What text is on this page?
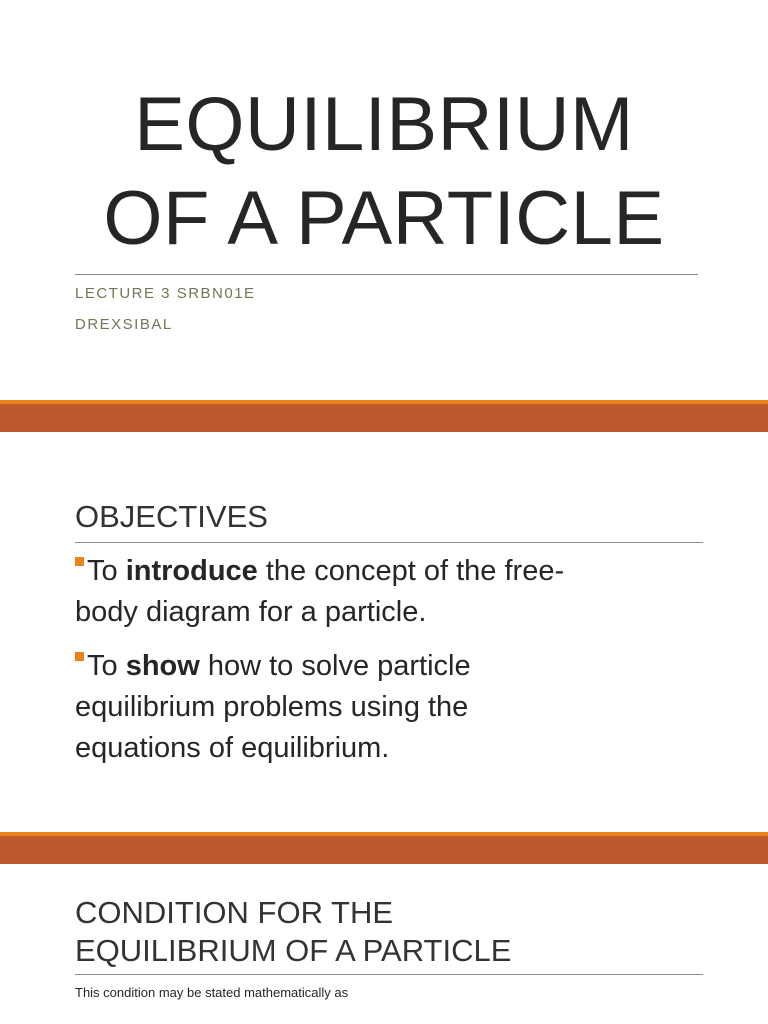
EQUILIBRIUM
OF A PARTICLE
LECTURE 3 SRBN01E
DREXSIBAL
OBJECTIVES
To introduce the concept of the free-
body diagram for a particle.
To show how to solve particle
equilibrium problems using the
equations of equilibrium.
CONDITION FOR THE
EQUILIBRIUM OF A PARTICLE
This condition may be stated mathematically as
